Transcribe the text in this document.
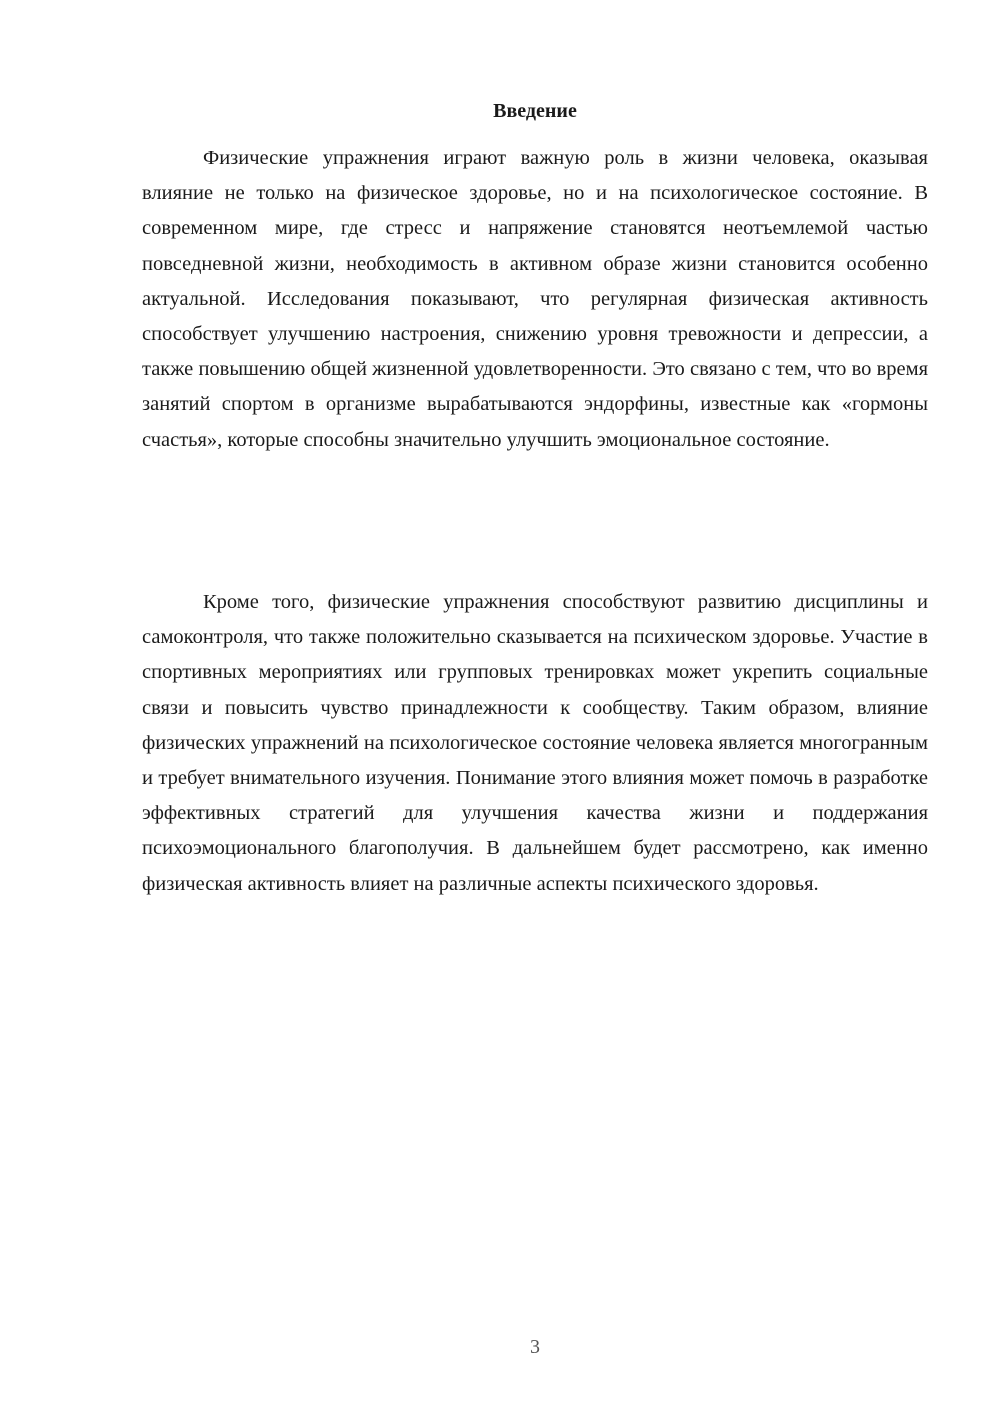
Введение

Физические упражнения играют важную роль в жизни человека, оказывая влияние не только на физическое здоровье, но и на психологическое состояние. В современном мире, где стресс и напряжение становятся неотъемлемой частью повседневной жизни, необходимость в активном образе жизни становится особенно актуальной. Исследования показывают, что регулярная физическая активность способствует улучшению настроения, снижению уровня тревожности и депрессии, а также повышению общей жизненной удовлетворенности. Это связано с тем, что во время занятий спортом в организме вырабатываются эндорфины, известные как «гормоны счастья», которые способны значительно улучшить эмоциональное состояние.

Кроме того, физические упражнения способствуют развитию дисциплины и самоконтроля, что также положительно сказывается на психическом здоровье. Участие в спортивных мероприятиях или групповых тренировках может укрепить социальные связи и повысить чувство принадлежности к сообществу. Таким образом, влияние физических упражнений на психологическое состояние человека является многогранным и требует внимательного изучения. Понимание этого влияния может помочь в разработке эффективных стратегий для улучшения качества жизни и поддержания психоэмоционального благополучия. В дальнейшем будет рассмотрено, как именно физическая активность влияет на различные аспекты психического здоровья.

3
